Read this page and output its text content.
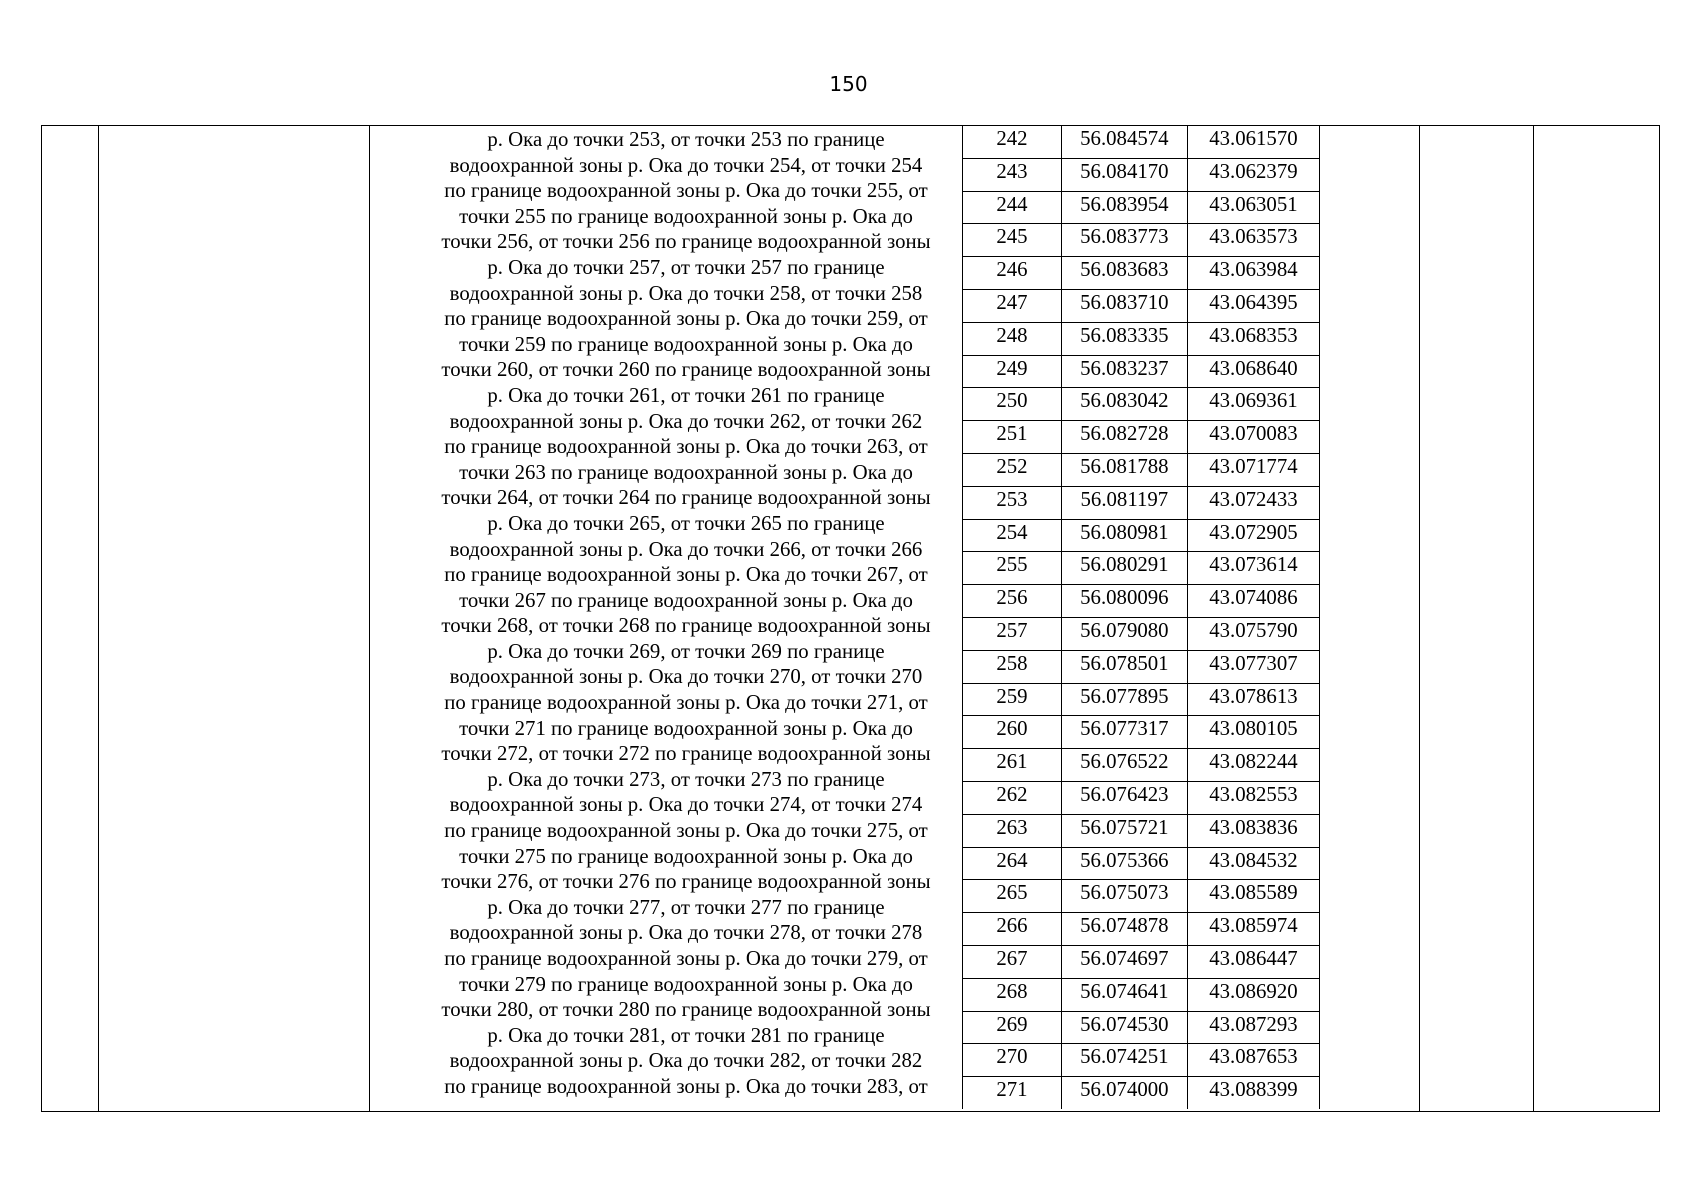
150

р. Ока до точки 253, от точки 253 по границе

водоохранной зоны р. Ока до точки 254, от точки 254

по границе водоохранной зоны р. Ока до точки 255, от

точки 255 по границе водоохранной зоны р. Ока до

точки 256, от точки 256 по границе водоохранной зоны

р. Ока до точки 257, от точки 257 по границе

водоохранной зоны р. Ока до точки 258, от точки 258

по границе водоохранной зоны р. Ока до точки 259, от

точки 259 по границе водоохранной зоны р. Ока до

точки 260, от точки 260 по границе водоохранной зоны

р. Ока до точки 261, от точки 261 по границе

водоохранной зоны р. Ока до точки 262, от точки 262

по границе водоохранной зоны р. Ока до точки 263, от

точки 263 по границе водоохранной зоны р. Ока до

точки 264, от точки 264 по границе водоохранной зоны

р. Ока до точки 265, от точки 265 по границе

водоохранной зоны р. Ока до точки 266, от точки 266

по границе водоохранной зоны р. Ока до точки 267, от

точки 267 по границе водоохранной зоны р. Ока до

точки 268, от точки 268 по границе водоохранной зоны

р. Ока до точки 269, от точки 269 по границе

водоохранной зоны р. Ока до точки 270, от точки 270

по границе водоохранной зоны р. Ока до точки 271, от

точки 271 по границе водоохранной зоны р. Ока до

точки 272, от точки 272 по границе водоохранной зоны

р. Ока до точки 273, от точки 273 по границе

водоохранной зоны р. Ока до точки 274, от точки 274

по границе водоохранной зоны р. Ока до точки 275, от

точки 275 по границе водоохранной зоны р. Ока до

точки 276, от точки 276 по границе водоохранной зоны

р. Ока до точки 277, от точки 277 по границе

водоохранной зоны р. Ока до точки 278, от точки 278

по границе водоохранной зоны р. Ока до точки 279, от

точки 279 по границе водоохранной зоны р. Ока до

точки 280, от точки 280 по границе водоохранной зоны

р. Ока до точки 281, от точки 281 по границе

водоохранной зоны р. Ока до точки 282, от точки 282

по границе водоохранной зоны р. Ока до точки 283, от

242	56.084574	43.061570
243	56.084170	43.062379
244	56.083954	43.063051
245	56.083773	43.063573
246	56.083683	43.063984
247	56.083710	43.064395
248	56.083335	43.068353
249	56.083237	43.068640
250	56.083042	43.069361
251	56.082728	43.070083
252	56.081788	43.071774
253	56.081197	43.072433
254	56.080981	43.072905
255	56.080291	43.073614
256	56.080096	43.074086
257	56.079080	43.075790
258	56.078501	43.077307
259	56.077895	43.078613
260	56.077317	43.080105
261	56.076522	43.082244
262	56.076423	43.082553
263	56.075721	43.083836
264	56.075366	43.084532
265	56.075073	43.085589
266	56.074878	43.085974
267	56.074697	43.086447
268	56.074641	43.086920
269	56.074530	43.087293
270	56.074251	43.087653
271	56.074000	43.088399
